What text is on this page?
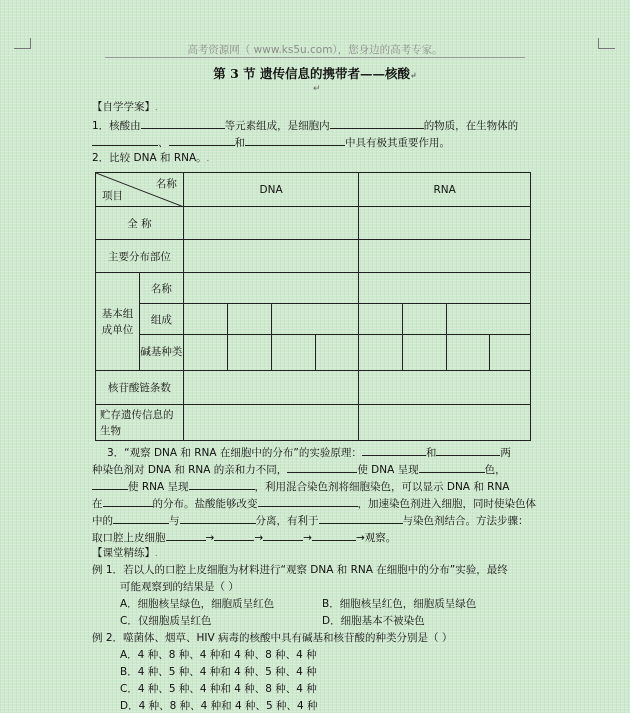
高考资源网（ www.ks5u.com），您身边的高考专家。
第 3 节 遗传信息的携带者——核酸↵
↵
【自学学案】.
1．核酸由	等元素组成，是细胞内	的物质，在生物体的
、	和	中具有极其重要作用。
2．比较 DNA 和 RNA。.
名称
项目		DNA				RNA			
全 称									
主要分布部位									
基本组成单位	名称								
	组成								
	碱基种类								
核苷酸链条数									
贮存遗传信息的生物									
3．“观察 DNA 和 RNA 在细胞中的分布”的实验原理：	和	两
种染色剂对 DNA 和 RNA 的亲和力不同，	使 DNA 呈现	色，
使 RNA 呈现	，利用混合染色剂将细胞染色，可以显示 DNA 和 RNA
在	的分布。盐酸能够改变	，加速染色剂进入细胞，同时使染色体
中的	与	分离，有利于	与染色剂结合。方法步骤：
取口腔上皮细胞	→	→	→	→观察。
【课堂精练】.
例 1．若以人的口腔上皮细胞为材料进行“观察 DNA 和 RNA 在细胞中的分布”实验，最终
可能观察到的结果是（ ）
A．细胞核呈绿色，细胞质呈红色	B．细胞核呈红色，细胞质呈绿色
C．仅细胞质呈红色	D．细胞基本不被染色
例 2．噬菌体、烟草、HIV 病毒的核酸中具有碱基和核苷酸的种类分别是（ ）
A．4 种、8 种、4 种和 4 种、8 种、4 种
B．4 种、5 种、4 种和 4 种、5 种、4 种
C．4 种、5 种、4 种和 4 种、8 种、4 种
D．4 种、8 种、4 种和 4 种、5 种、4 种
